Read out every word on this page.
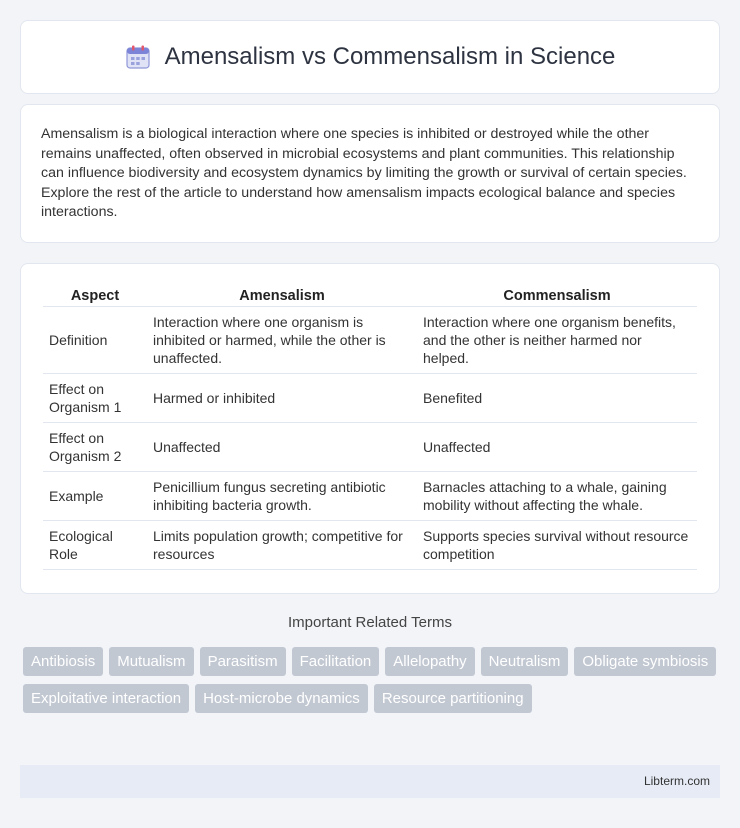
Amensalism vs Commensalism in Science

Amensalism is a biological interaction where one species is inhibited or destroyed while the other remains unaffected, often observed in microbial ecosystems and plant communities. This relationship can influence biodiversity and ecosystem dynamics by limiting the growth or survival of certain species. Explore the rest of the article to understand how amensalism impacts ecological balance and species interactions.

Aspect	Amensalism	Commensalism
Definition	Interaction where one organism is inhibited or harmed, while the other is unaffected.	Interaction where one organism benefits, and the other is neither harmed nor helped.
Effect on Organism 1	Harmed or inhibited	Benefited
Effect on Organism 2	Unaffected	Unaffected
Example	Penicillium fungus secreting antibiotic inhibiting bacteria growth.	Barnacles attaching to a whale, gaining mobility without affecting the whale.
Ecological Role	Limits population growth; competitive for resources	Supports species survival without resource competition
Important Related Terms
Antibiosis	Mutualism	Parasitism	Facilitation	Allelopathy	Neutralism	Obligate symbiosis
Exploitative interaction	Host-microbe dynamics	Resource partitioning
Libterm.com
